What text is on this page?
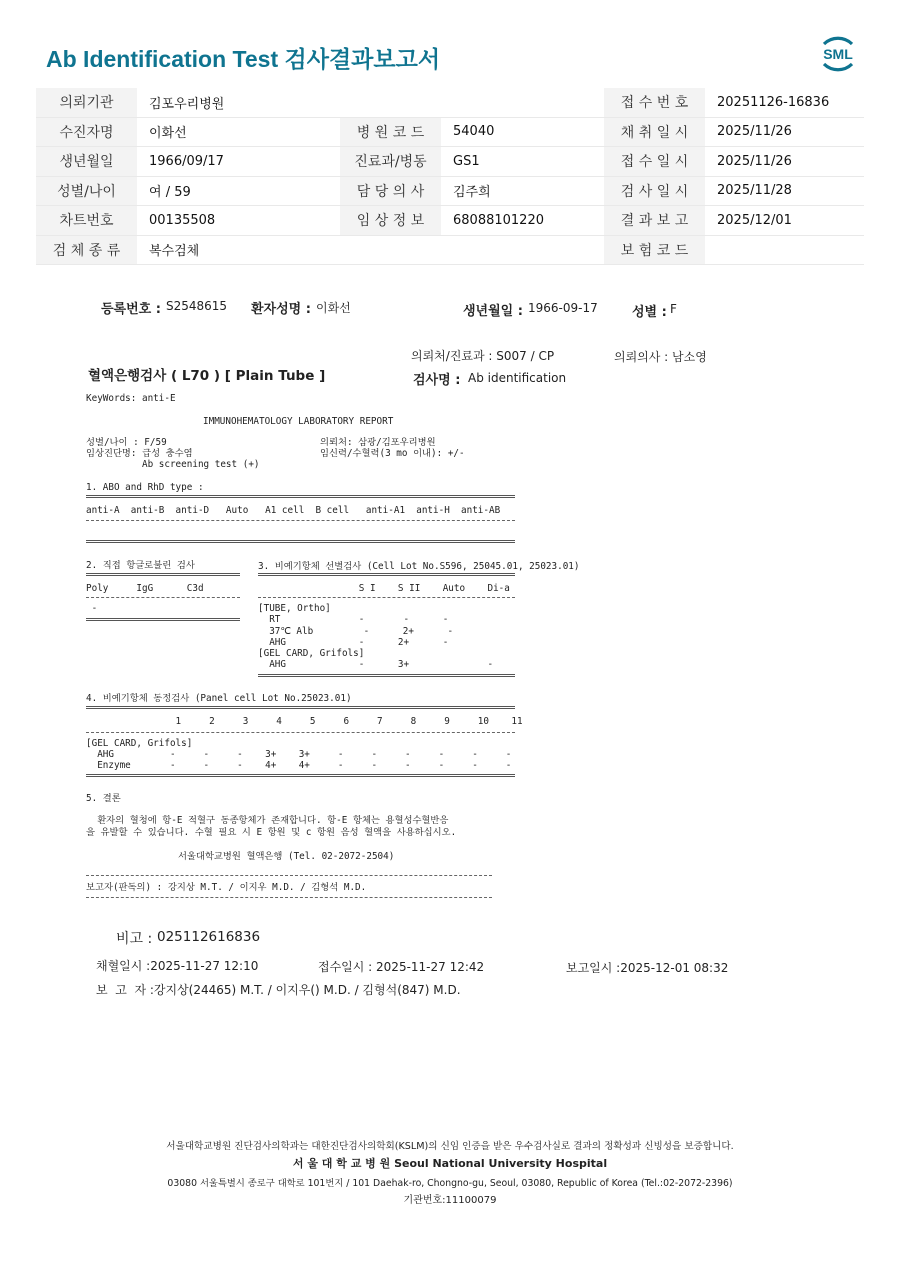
Ab Identification Test 검사결과보고서	SML
의뢰기관	김포우리병원			접 수 번 호	20251126-16836
수진자명	이화선	병 원 코 드	54040	채 취 일 시	2025/11/26
생년월일	1966/09/17	진료과/병동	GS1	접 수 일 시	2025/11/26
성별/나이	여 / 59	담 당 의 사	김주희	검 사 일 시	2025/11/28
차트번호	00135508	임 상 정 보	68088101220	결 과 보 고	2025/12/01
검 체 종 류	복수검체			보 험 코 드	
등록번호 : S2548615 환자성명 : 이화선	생년월일 : 1966-09-17	성별 : F
의뢰처/진료과 : S007 / CP	의뢰의사 : 남소영
혈액은행검사 ( L70 ) [ Plain Tube ]	검사명 : Ab identification
KeyWords: anti-E
IMMUNOHEMATOLOGY LABORATORY REPORT
성별/나이 : F/59
임상진단명: 급성 충수염
Ab screening test (+)
의뢰처: 삼광/김포우리병원
임신력/수혈력(3 mo 이내): +/-
1. ABO and RhD type :
anti-A  anti-B  anti-D   Auto   A1 cell  B cell   anti-A1  anti-H  anti-AB
2. 직접 항글로불린 검사
Poly     IgG      C3d
-
3. 비예기항체 선별검사 (Cell Lot No.S596, 25045.01, 25023.01)
S I    S II    Auto    Di-a
[TUBE, Ortho]
RT              -       -      -
37℃ Alb         -      2+      -
AHG             -      2+      -
[GEL CARD, Grifols]
AHG             -      3+              -
4. 비예기항체 동정검사 (Panel cell Lot No.25023.01)
1     2     3     4     5     6     7     8     9     10    11
[GEL CARD, Grifols]
AHG          -     -     -    3+    3+     -     -     -     -     -     -
Enzyme       -     -     -    4+    4+     -     -     -     -     -     -
5. 결론
환자의 혈청에 항-E 적혈구 동종항체가 존재합니다. 항-E 항체는 용혈성수혈반응
을 유발할 수 있습니다. 수혈 필요 시 E 항원 및 c 항원 음성 혈액을 사용하십시오.
서울대학교병원 혈액은행 (Tel. 02-2072-2504)
보고자(판독의) : 강지상 M.T. / 이지우 M.D. / 김형석 M.D.
비고 : 025112616836
채혈일시 :2025-11-27 12:10	접수일시 : 2025-11-27 12:42	보고일시 :2025-12-01 08:32
보  고  자 :강지상(24465) M.T. / 이지우() M.D. / 김형석(847) M.D.
서울대학교병원 진단검사의학과는 대한진단검사의학회(KSLM)의 신임 인증을 받은 우수검사실로 결과의 정확성과 신빙성을 보증합니다.
서 울 대 학 교 병 원 Seoul National University Hospital
03080 서울특별시 종로구 대학로 101번지 / 101 Daehak-ro, Chongno-gu, Seoul, 03080, Republic of Korea (Tel.:02-2072-2396)
기관번호:11100079
